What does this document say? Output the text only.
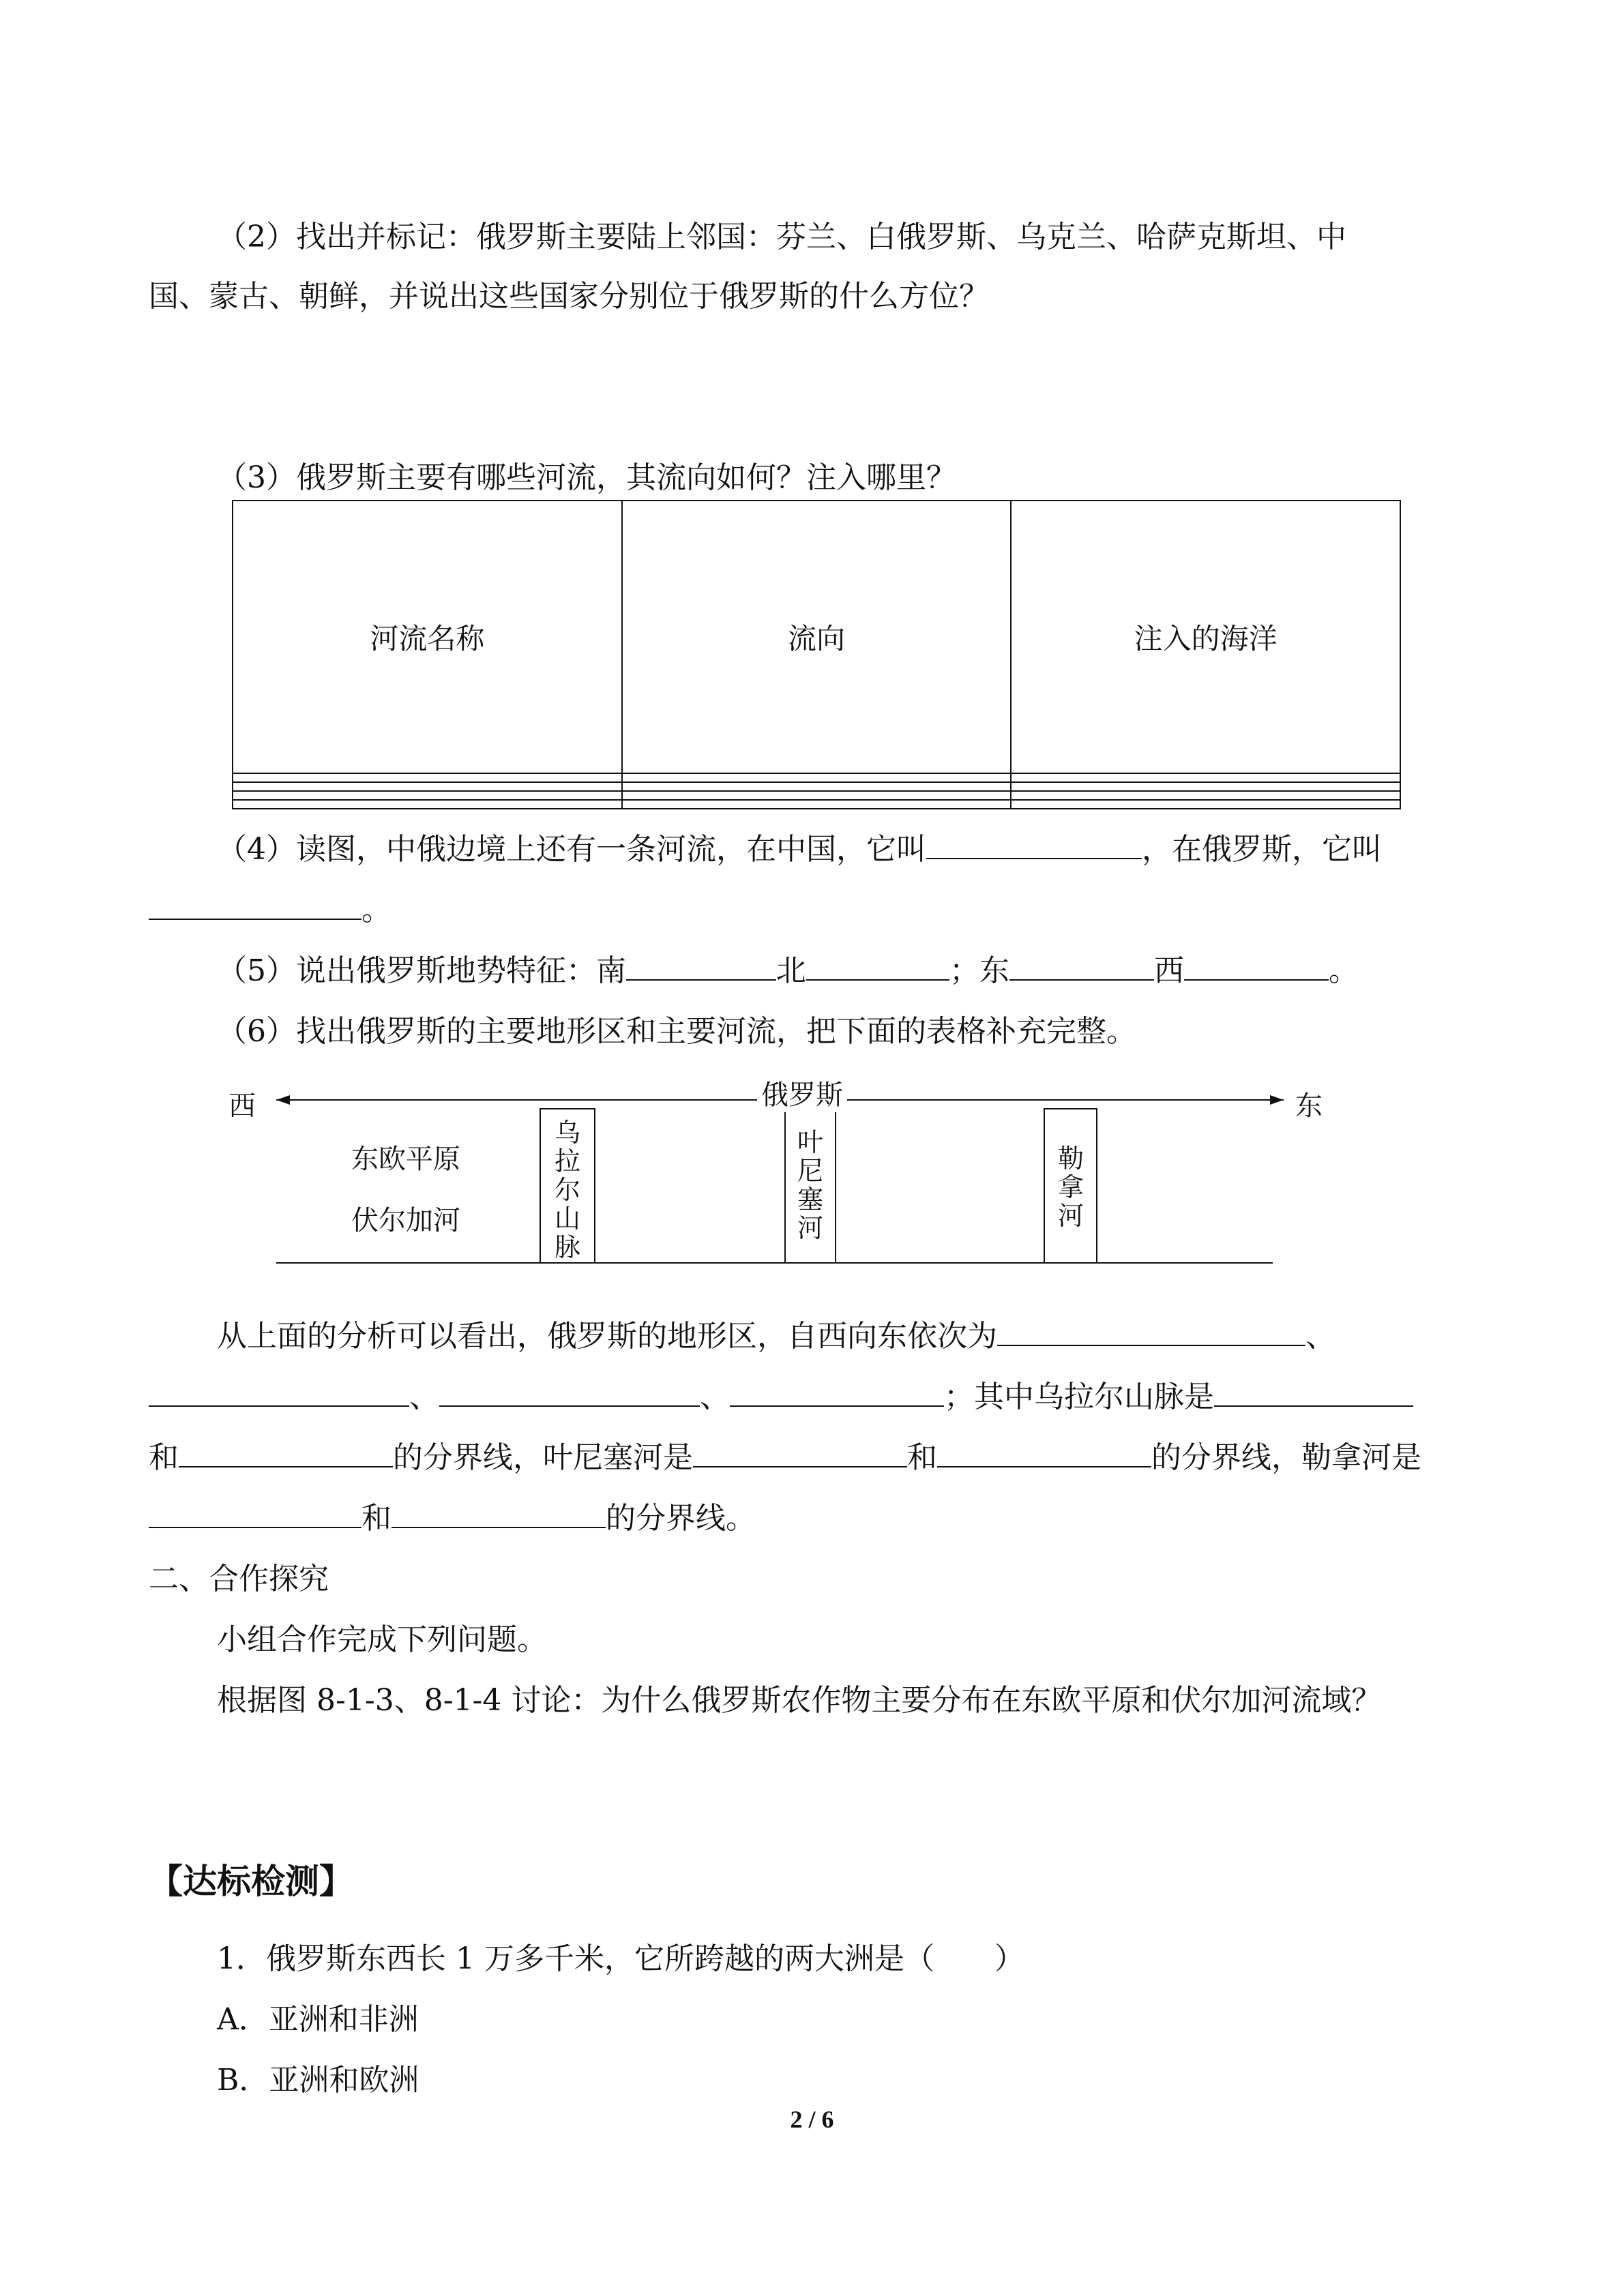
（2）找出并标记：俄罗斯主要陆上邻国：芬兰、白俄罗斯、乌克兰、哈萨克斯坦、中
国、蒙古、朝鲜，并说出这些国家分别位于俄罗斯的什么方位？
（3）俄罗斯主要有哪些河流，其流向如何？注入哪里？
河流名称	流向	注入的海洋

（4）读图，中俄边境上还有一条河流，在中国，它叫	，在俄罗斯，它叫
。
（5）说出俄罗斯地势特征：南	北	；东	西	。
（6）找出俄罗斯的主要地形区和主要河流，把下面的表格补充完整。
西	东
俄罗斯
东欧平原
伏尔加河
乌拉尔山脉
叶尼塞河
勒拿河
从上面的分析可以看出，俄罗斯的地形区，自西向东依次为	、
、	、	；其中乌拉尔山脉是
和	的分界线，叶尼塞河是	和	的分界线，勒拿河是
和	的分界线。
二、合作探究
小组合作完成下列问题。
根据图 8-1-3、8-1-4 讨论：为什么俄罗斯农作物主要分布在东欧平原和伏尔加河流域？
【达标检测】
1．俄罗斯东西长 1 万多千米，它所跨越的两大洲是（　　）
A．亚洲和非洲
B．亚洲和欧洲
2 / 6
